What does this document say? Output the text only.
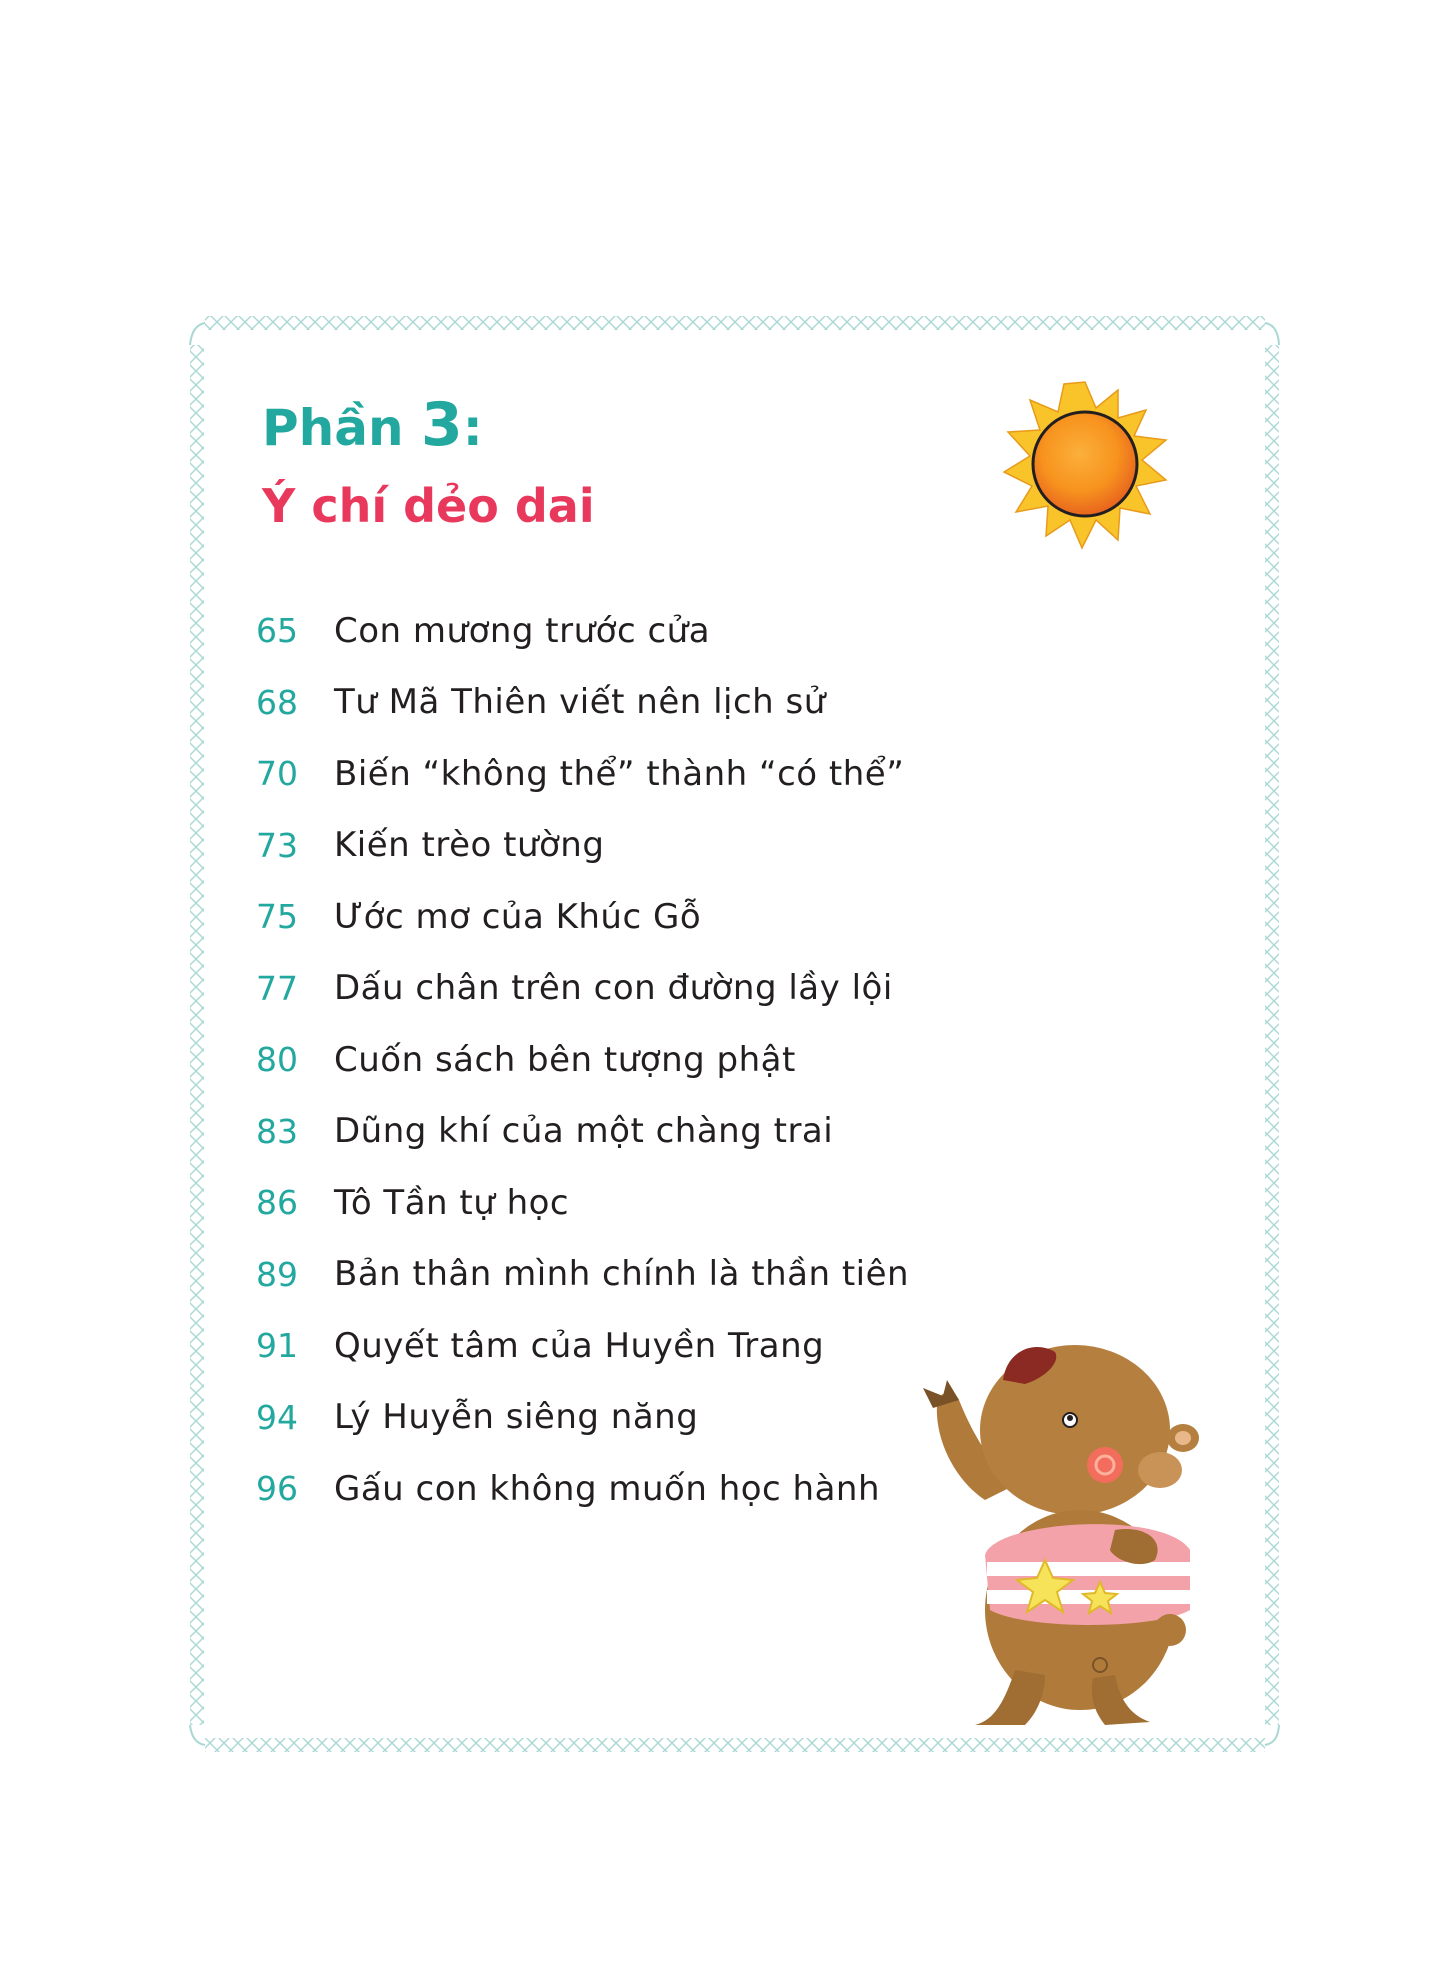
Phần 3:
Ý chí dẻo dai
65	Con mương trước cửa
68	Tư Mã Thiên viết nên lịch sử
70	Biến “không thể” thành “có thể”
73	Kiến trèo tường
75	Ước mơ của Khúc Gỗ
77	Dấu chân trên con đường lầy lội
80	Cuốn sách bên tượng phật
83	Dũng khí của một chàng trai
86	Tô Tần tự học
89	Bản thân mình chính là thần tiên
91	Quyết tâm của Huyền Trang
94	Lý Huyễn siêng năng
96	Gấu con không muốn học hành
